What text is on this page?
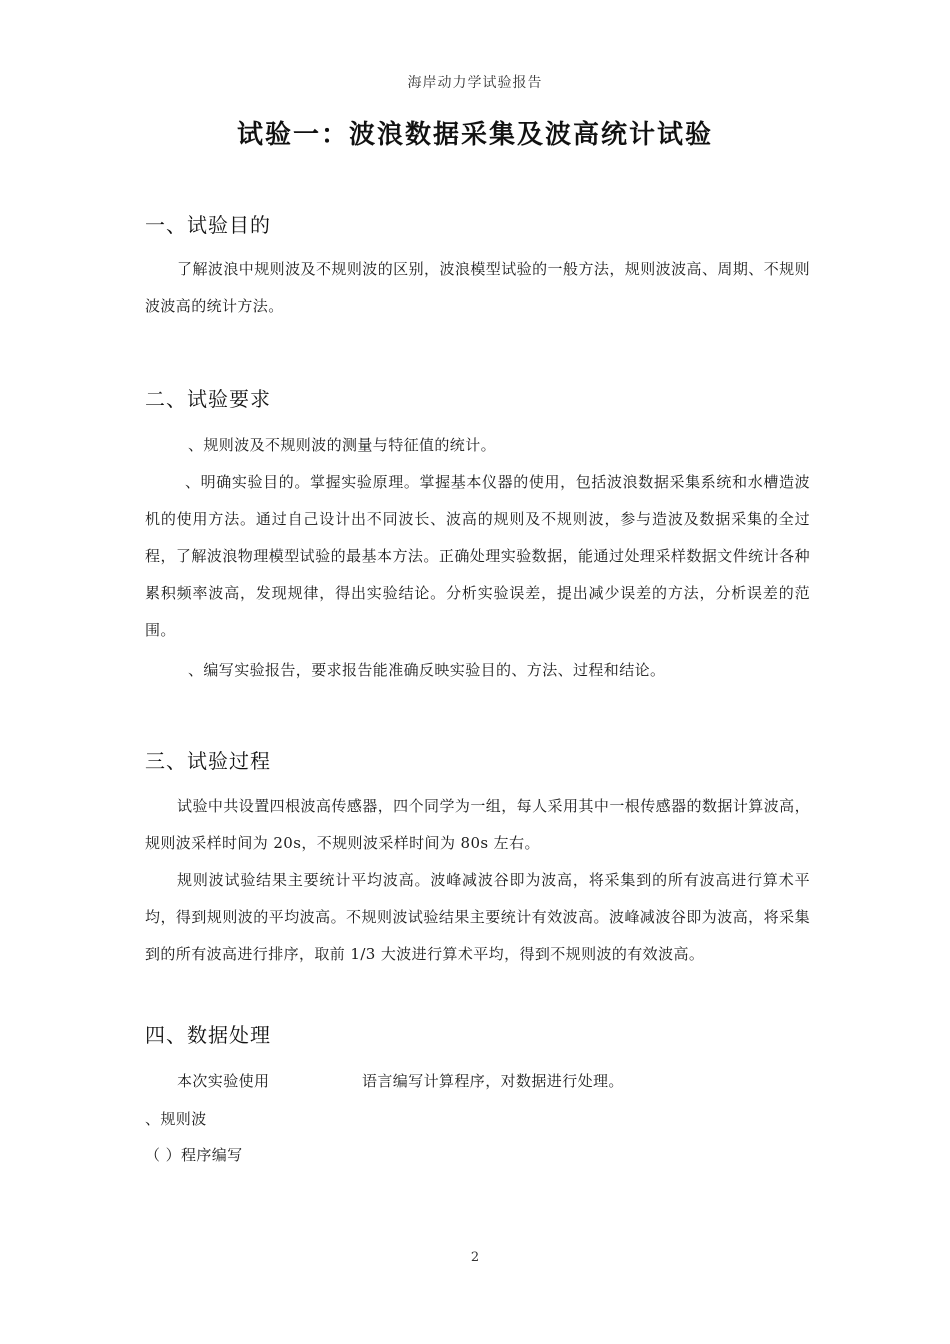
海岸动力学试验报告
试验一：波浪数据采集及波高统计试验
一、试验目的
了解波浪中规则波及不规则波的区别，波浪模型试验的一般方法，规则波波高、周期、不规则波波高的统计方法。
二、试验要求
、规则波及不规则波的测量与特征值的统计。
、明确实验目的。掌握实验原理。掌握基本仪器的使用，包括波浪数据采集系统和水槽造波机的使用方法。通过自己设计出不同波长、波高的规则及不规则波，参与造波及数据采集的全过程，了解波浪物理模型试验的最基本方法。正确处理实验数据，能通过处理采样数据文件统计各种累积频率波高，发现规律，得出实验结论。分析实验误差，提出减少误差的方法，分析误差的范围。
、编写实验报告，要求报告能准确反映实验目的、方法、过程和结论。
三、试验过程
试验中共设置四根波高传感器，四个同学为一组，每人采用其中一根传感器的数据计算波高，规则波采样时间为 20s，不规则波采样时间为 80s 左右。
规则波试验结果主要统计平均波高。波峰减波谷即为波高，将采集到的所有波高进行算术平均，得到规则波的平均波高。不规则波试验结果主要统计有效波高。波峰减波谷即为波高，将采集到的所有波高进行排序，取前 1/3 大波进行算术平均，得到不规则波的有效波高。
四、数据处理
本次实验使用	语言编写计算程序，对数据进行处理。
、规则波
（ ）程序编写
2
